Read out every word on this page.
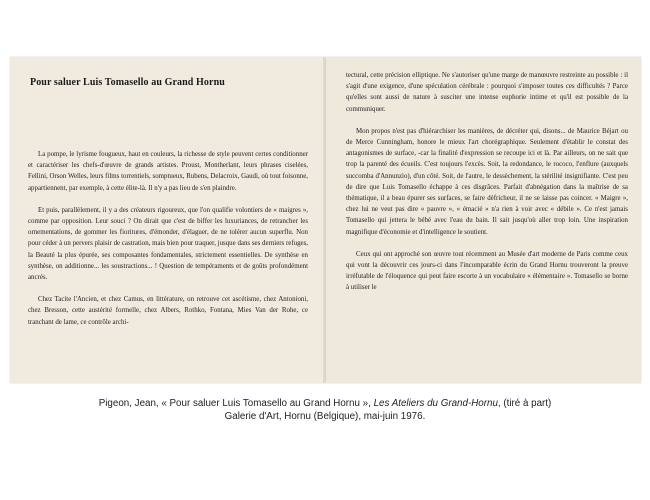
Pour saluer Luis Tomasello au Grand Hornu

La pompe, le lyrisme fougueux, haut en couleurs, la richesse de style peuvent certes conditionner et caractériser les chefs-d'œuvre de grands artistes. Proust, Montherlant, leurs phrases ciselées, Fellini, Orson Welles, leurs films torrentiels, somptueux, Rubens, Delacroix, Gaudi, où tout foisonne, appartiennent, par exemple, à cette élite-là. Il n'y a pas lieu de s'en plaindre.

Et puis, parallèlement, il y a des créateurs rigoureux, que l'on qualifie volontiers de « maigres », comme par opposition. Leur souci ? On dirait que c'est de biffer les luxuriances, de retrancher les ornementations, de gommer les fioritures, d'émonder, d'élaguer, de ne tolérer aucun superflu. Non pour céder à un pervers plaisir de castration, mais bien pour traquer, jusque dans ses derniers refuges, la Beauté la plus épurée, ses composantes fondamentales, strictement essentielles. De synthèse en synthèse, on additionne... les soustractions... ! Question de tempéraments et de goûts profondément ancrés.

Chez Tacite l'Ancien, et chez Camus, en littérature, on retrouve cet ascétisme, chez Antonioni, chez Bresson, cette austérité formelle, chez Albers, Rothko, Fontana, Mies Van der Rohe, ce tranchant de lame, ce contrôle archi-

tectural, cette précision elliptique. Ne s'autoriser qu'une marge de manœuvre restreinte au possible : il s'agit d'une exigence, d'une spéculation cérébrale : pourquoi s'imposer toutes ces difficultés ? Parce qu'elles sont aussi de nature à susciter une intense euphorie intime et qu'il est possible de la communiquer.

Mon propos n'est pas d'hiérarchiser les manières, de décréter qui, disons... de Maurice Béjart ou de Merce Cunningham, honore le mieux l'art chorégraphique. Seulement d'établir le constat des antagonismes de surface, -car la finalité d'expression se recoupe ici et là. Par ailleurs, on ne sait que trop la parenté des écueils. C'est toujours l'excès. Soit, la redondance, le rococo, l'enflure (auxquels succomba d'Annunzio), d'un côté. Soit, de l'autre, le dessèchement, la stérilité insignifiante. C'est peu de dire que Luis Tomasello échappe à ces disgrâces. Parfait d'abnégation dans la maîtrise de sa thématique, il a beau épurer ses surfaces, se faire défricheur, il ne se laisse pas coincer. « Maigre », chez lui ne veut pas dire « pauvre », « émacié » n'a rien à voir avec « débile ». Ce n'est jamais Tomasello qui jettera le bébé avec l'eau du bain. Il sait jusqu'où aller trop loin. Une inspiration magnifique d'économie et d'intelligence le soutient.

Ceux qui ont approché son œuvre tout récemment au Musée d'art moderne de Paris comme ceux qui vont la découvrir ces jours-ci dans l'incomparable écrin du Grand Hornu trouveront la preuve irréfutable de l'éloquence qui peut faire escorte à un vocabulaire « élémentaire ». Tomasello se borne à utiliser le

Pigeon, Jean, « Pour saluer Luis Tomasello au Grand Hornu », Les Ateliers du Grand-Hornu, (tiré à part)
Galerie d'Art, Hornu (Belgique), mai-juin 1976.
